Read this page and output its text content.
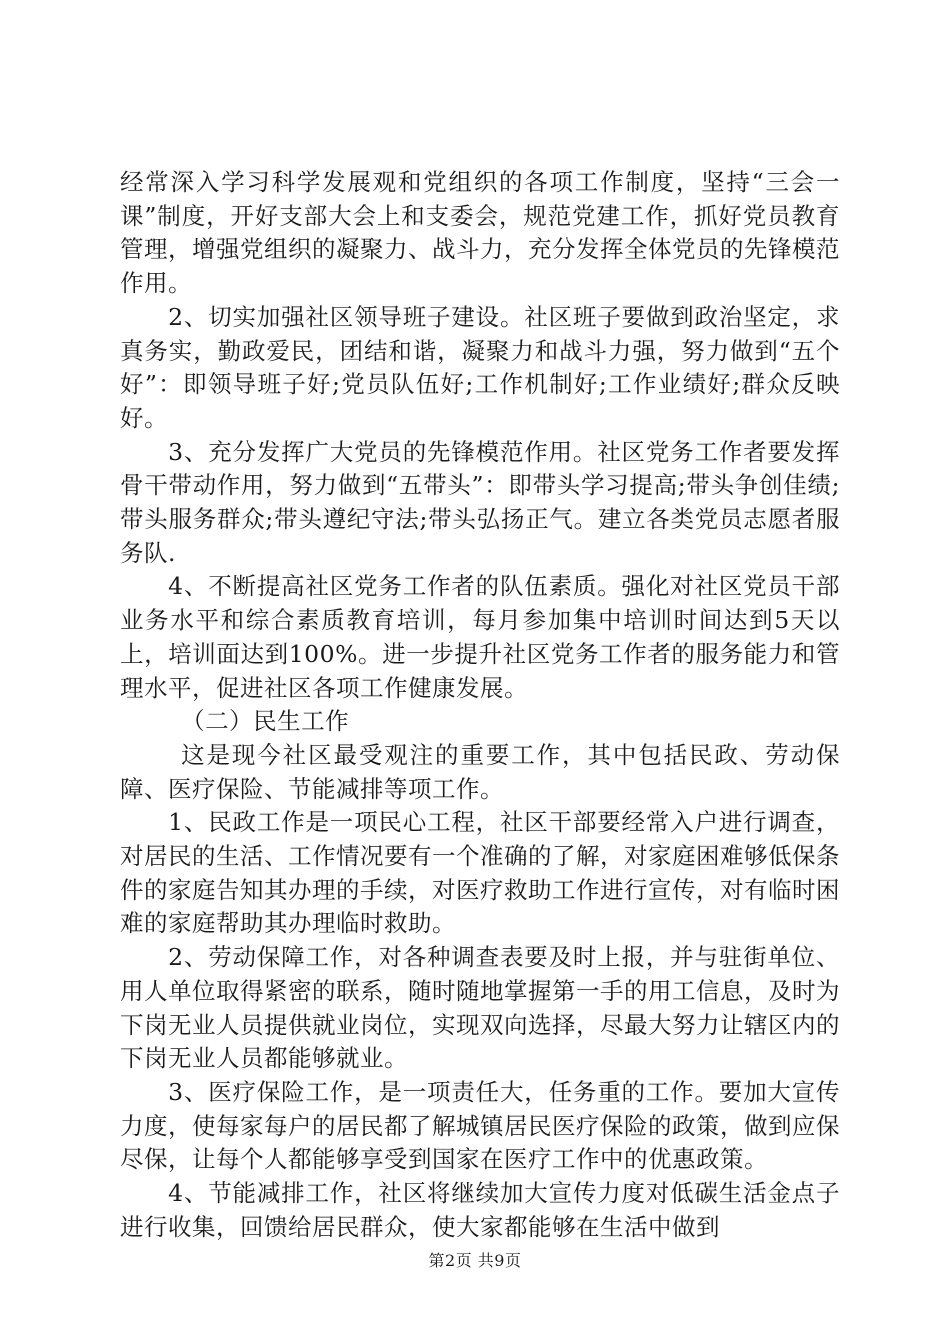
经常深入学习科学发展观和党组织的各项工作制度，坚持“三会一课”制度，开好支部大会上和支委会，规范党建工作，抓好党员教育管理，增强党组织的凝聚力、战斗力，充分发挥全体党员的先锋模范作用。

2、切实加强社区领导班子建设。社区班子要做到政治坚定，求真务实，勤政爱民，团结和谐，凝聚力和战斗力强，努力做到“五个好”：即领导班子好;党员队伍好;工作机制好;工作业绩好;群众反映好。

3、充分发挥广大党员的先锋模范作用。社区党务工作者要发挥骨干带动作用，努力做到“五带头”：即带头学习提高;带头争创佳绩;带头服务群众;带头遵纪守法;带头弘扬正气。建立各类党员志愿者服务队.

4、不断提高社区党务工作者的队伍素质。强化对社区党员干部业务水平和综合素质教育培训，每月参加集中培训时间达到5天以上，培训面达到100%。进一步提升社区党务工作者的服务能力和管理水平，促进社区各项工作健康发展。

（二）民生工作

这是现今社区最受观注的重要工作，其中包括民政、劳动保障、医疗保险、节能减排等项工作。

1、民政工作是一项民心工程，社区干部要经常入户进行调查，对居民的生活、工作情况要有一个准确的了解，对家庭困难够低保条件的家庭告知其办理的手续，对医疗救助工作进行宣传，对有临时困难的家庭帮助其办理临时救助。

2、劳动保障工作，对各种调查表要及时上报，并与驻街单位、用人单位取得紧密的联系，随时随地掌握第一手的用工信息，及时为下岗无业人员提供就业岗位，实现双向选择，尽最大努力让辖区内的下岗无业人员都能够就业。

3、医疗保险工作，是一项责任大，任务重的工作。要加大宣传力度，使每家每户的居民都了解城镇居民医疗保险的政策，做到应保尽保，让每个人都能够享受到国家在医疗工作中的优惠政策。

4、节能减排工作，社区将继续加大宣传力度对低碳生活金点子进行收集，回馈给居民群众，使大家都能够在生活中做到

第2页 共9页
